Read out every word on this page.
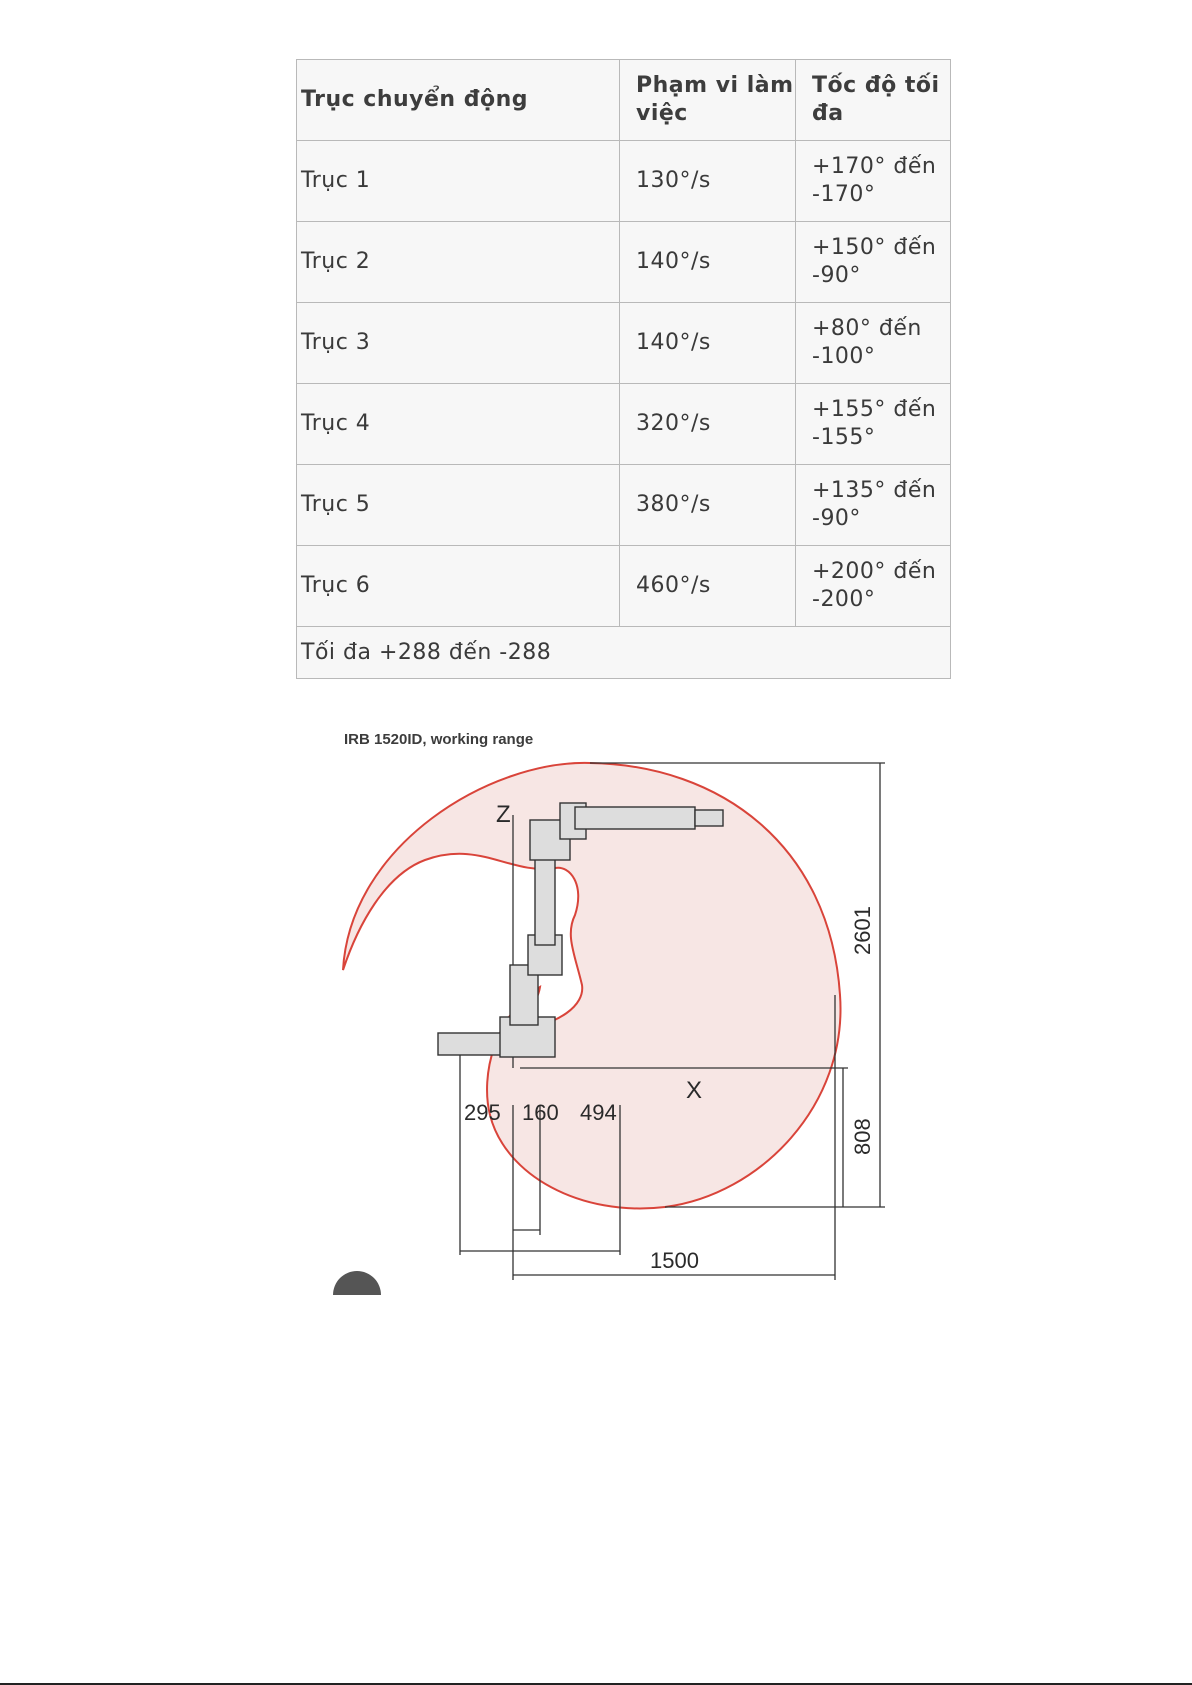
Trục chuyển động	Phạm vi làm việc	Tốc độ tối đa
Trục 1	130°/s	+170° đến -170°
Trục 2	140°/s	+150° đến -90°
Trục 3	140°/s	+80° đến -100°
Trục 4	320°/s	+155° đến -155°
Trục 5	380°/s	+135° đến -90°
Trục 6	460°/s	+200° đến -200°
Tối đa +288 đến -288		
IRB 1520ID, working range
Z
X
295 160 494
1500
808
2601
